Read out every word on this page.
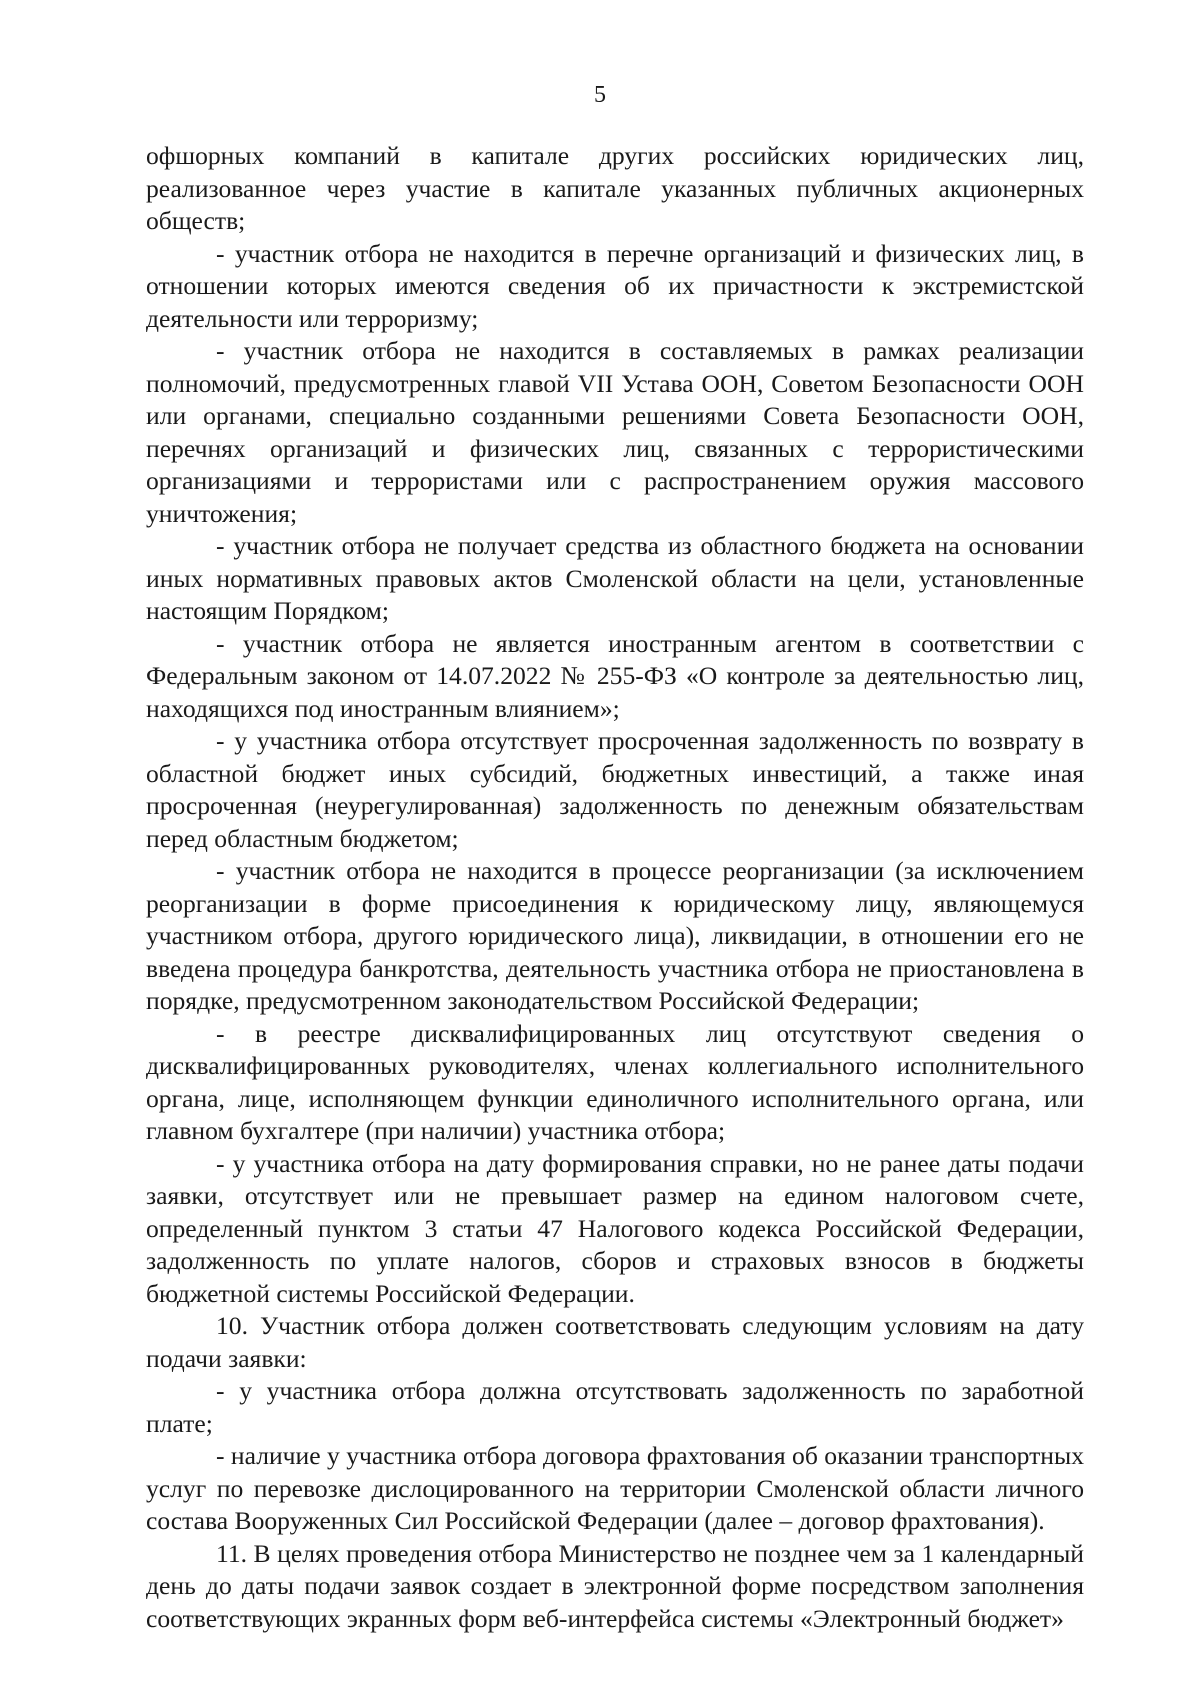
5

офшорных компаний в капитале других российских юридических лиц, реализованное через участие в капитале указанных публичных акционерных обществ;

- участник отбора не находится в перечне организаций и физических лиц, в отношении которых имеются сведения об их причастности к экстремистской деятельности или терроризму;

- участник отбора не находится в составляемых в рамках реализации полномочий, предусмотренных главой VII Устава ООН, Советом Безопасности ООН или органами, специально созданными решениями Совета Безопасности ООН, перечнях организаций и физических лиц, связанных с террористическими организациями и террористами или с распространением оружия массового уничтожения;

- участник отбора не получает средства из областного бюджета на основании иных нормативных правовых актов Смоленской области на цели, установленные настоящим Порядком;

- участник отбора не является иностранным агентом в соответствии с Федеральным законом от 14.07.2022 № 255-ФЗ «О контроле за деятельностью лиц, находящихся под иностранным влиянием»;

- у участника отбора отсутствует просроченная задолженность по возврату в областной бюджет иных субсидий, бюджетных инвестиций, а также иная просроченная (неурегулированная) задолженность по денежным обязательствам перед областным бюджетом;

- участник отбора не находится в процессе реорганизации (за исключением реорганизации в форме присоединения к юридическому лицу, являющемуся участником отбора, другого юридического лица), ликвидации, в отношении его не введена процедура банкротства, деятельность участника отбора не приостановлена в порядке, предусмотренном законодательством Российской Федерации;

- в реестре дисквалифицированных лиц отсутствуют сведения о дисквалифицированных руководителях, членах коллегиального исполнительного органа, лице, исполняющем функции единоличного исполнительного органа, или главном бухгалтере (при наличии) участника отбора;

- у участника отбора на дату формирования справки, но не ранее даты подачи заявки, отсутствует или не превышает размер на едином налоговом счете, определенный пунктом 3 статьи 47 Налогового кодекса Российской Федерации, задолженность по уплате налогов, сборов и страховых взносов в бюджеты бюджетной системы Российской Федерации.

10. Участник отбора должен соответствовать следующим условиям на дату подачи заявки:

- у участника отбора должна отсутствовать задолженность по заработной плате;

- наличие у участника отбора договора фрахтования об оказании транспортных услуг по перевозке дислоцированного на территории Смоленской области личного состава Вооруженных Сил Российской Федерации (далее – договор фрахтования).

11. В целях проведения отбора Министерство не позднее чем за 1 календарный день до даты подачи заявок создает в электронной форме посредством заполнения соответствующих экранных форм веб-интерфейса системы «Электронный бюджет»
